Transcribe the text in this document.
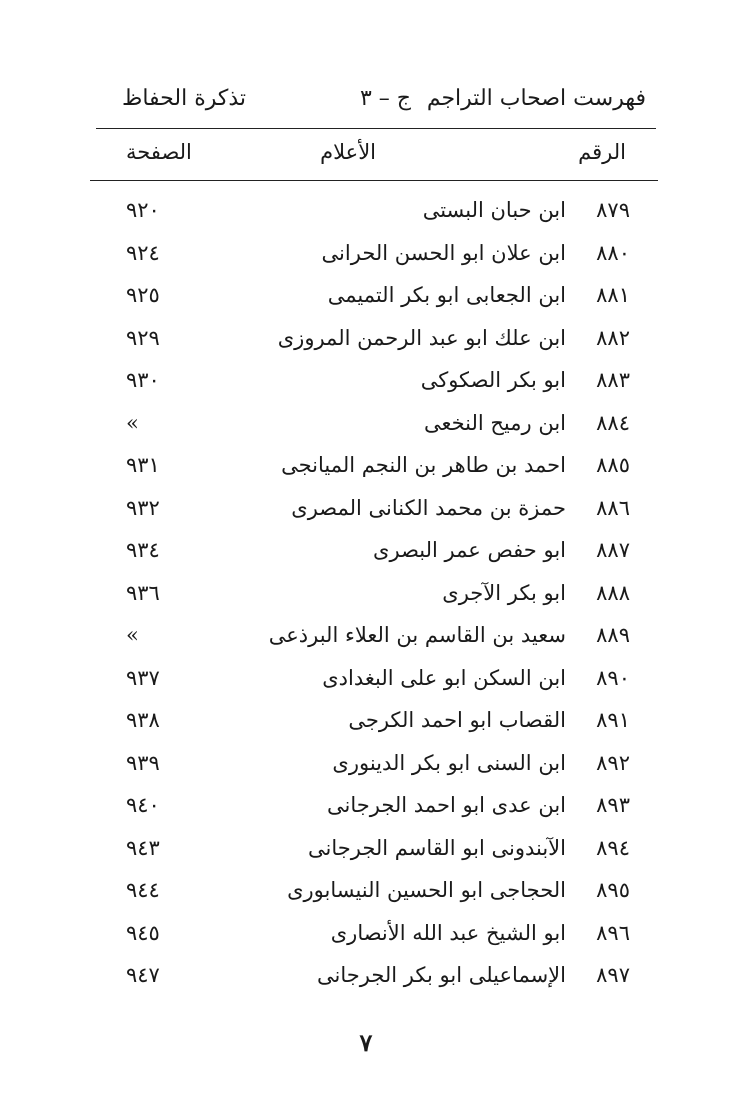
فهرست اصحاب التراجم
ج – ٣
تذكرة الحفاظ
الرقم
الأعلام
الصفحة
٨٧٩
ابن حبان البستى
٩٢٠
٨٨٠
ابن علان ابو الحسن الحرانى
٩٢٤
٨٨١
ابن الجعابى ابو بكر التميمى
٩٢٥
٨٨٢
ابن علك ابو عبد الرحمن المروزى
٩٢٩
٨٨٣
ابو بكر الصكوكى
٩٣٠
٨٨٤
ابن رميح النخعى
»
٨٨٥
احمد بن طاهر بن النجم الميانجى
٩٣١
٨٨٦
حمزة بن محمد الكنانى المصرى
٩٣٢
٨٨٧
ابو حفص عمر البصرى
٩٣٤
٨٨٨
ابو بكر الآجرى
٩٣٦
٨٨٩
سعيد بن القاسم بن العلاء البرذعى
»
٨٩٠
ابن السكن ابو على البغدادى
٩٣٧
٨٩١
القصاب ابو احمد الكرجى
٩٣٨
٨٩٢
ابن السنى ابو بكر الدينورى
٩٣٩
٨٩٣
ابن عدى ابو احمد الجرجانى
٩٤٠
٨٩٤
الآبندونى ابو القاسم الجرجانى
٩٤٣
٨٩٥
الحجاجى ابو الحسين النيسابورى
٩٤٤
٨٩٦
ابو الشيخ عبد الله الأنصارى
٩٤٥
٨٩٧
الإسماعيلى ابو بكر الجرجانى
٩٤٧
٧
